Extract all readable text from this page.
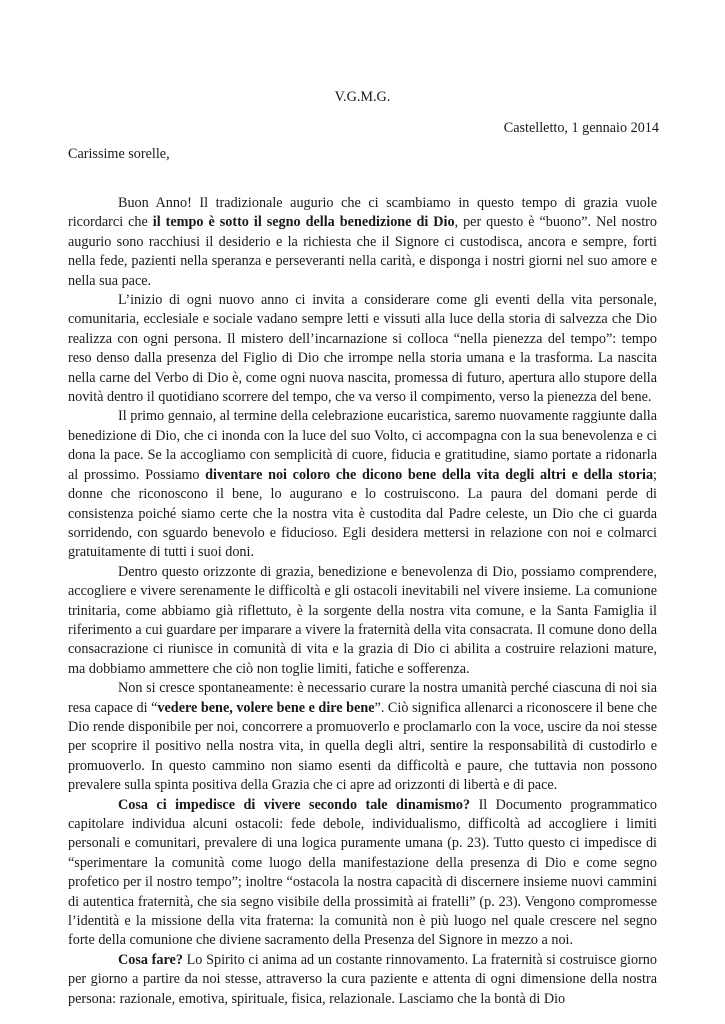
V.G.M.G.
Castelletto, 1 gennaio 2014
Carissime sorelle,

Buon Anno! Il tradizionale augurio che ci scambiamo in questo tempo di grazia vuole ricordarci che il tempo è sotto il segno della benedizione di Dio, per questo è “buono”. Nel nostro augurio sono racchiusi il desiderio e la richiesta che il Signore ci custodisca, ancora e sempre, forti nella fede, pazienti nella speranza e perseveranti nella carità, e disponga i nostri giorni nel suo amore e nella sua pace.

L’inizio di ogni nuovo anno ci invita a considerare come gli eventi della vita personale, comunitaria, ecclesiale e sociale vadano sempre letti e vissuti alla luce della storia di salvezza che Dio realizza con ogni persona. Il mistero dell’incarnazione si colloca “nella pienezza del tempo”: tempo reso denso dalla presenza del Figlio di Dio che irrompe nella storia umana e la trasforma. La nascita nella carne del Verbo di Dio è, come ogni nuova nascita, promessa di futuro, apertura allo stupore della novità dentro il quotidiano scorrere del tempo, che va verso il compimento, verso la pienezza del bene.

Il primo gennaio, al termine della celebrazione eucaristica, saremo nuovamente raggiunte dalla benedizione di Dio, che ci inonda con la luce del suo Volto, ci accompagna con la sua benevolenza e ci dona la pace. Se la accogliamo con semplicità di cuore, fiducia e gratitudine, siamo portate a ridonarla al prossimo. Possiamo diventare noi coloro che dicono bene della vita degli altri e della storia; donne che riconoscono il bene, lo augurano e lo costruiscono. La paura del domani perde di consistenza poiché siamo certe che la nostra vita è custodita dal Padre celeste, un Dio che ci guarda sorridendo, con sguardo benevolo e fiducioso. Egli desidera mettersi in relazione con noi e colmarci gratuitamente di tutti i suoi doni.

Dentro questo orizzonte di grazia, benedizione e benevolenza di Dio, possiamo comprendere, accogliere e vivere serenamente le difficoltà e gli ostacoli inevitabili nel vivere insieme. La comunione trinitaria, come abbiamo già riflettuto, è la sorgente della nostra vita comune, e la Santa Famiglia il riferimento a cui guardare per imparare a vivere la fraternità della vita consacrata. Il comune dono della consacrazione ci riunisce in comunità di vita e la grazia di Dio ci abilita a costruire relazioni mature, ma dobbiamo ammettere che ciò non toglie limiti, fatiche e sofferenza.

Non si cresce spontaneamente: è necessario curare la nostra umanità perché ciascuna di noi sia resa capace di “vedere bene, volere bene e dire bene”. Ciò significa allenarci a riconoscere il bene che Dio rende disponibile per noi, concorrere a promuoverlo e proclamarlo con la voce, uscire da noi stesse per scoprire il positivo nella nostra vita, in quella degli altri, sentire la responsabilità di custodirlo e promuoverlo. In questo cammino non siamo esenti da difficoltà e paure, che tuttavia non possono prevalere sulla spinta positiva della Grazia che ci apre ad orizzonti di libertà e di pace.

Cosa ci impedisce di vivere secondo tale dinamismo? Il Documento programmatico capitolare individua alcuni ostacoli: fede debole, individualismo, difficoltà ad accogliere i limiti personali e comunitari, prevalere di una logica puramente umana (p. 23). Tutto questo ci impedisce di “sperimentare la comunità come luogo della manifestazione della presenza di Dio e come segno profetico per il nostro tempo”; inoltre “ostacola la nostra capacità di discernere insieme nuovi cammini di autentica fraternità, che sia segno visibile della prossimità ai fratelli” (p. 23). Vengono compromesse l’identità e la missione della vita fraterna: la comunità non è più luogo nel quale crescere nel segno forte della comunione che diviene sacramento della Presenza del Signore in mezzo a noi.

Cosa fare? Lo Spirito ci anima ad un costante rinnovamento. La fraternità si costruisce giorno per giorno a partire da noi stesse, attraverso la cura paziente e attenta di ogni dimensione della nostra persona: razionale, emotiva, spirituale, fisica, relazionale. Lasciamo che la bontà di Dio
